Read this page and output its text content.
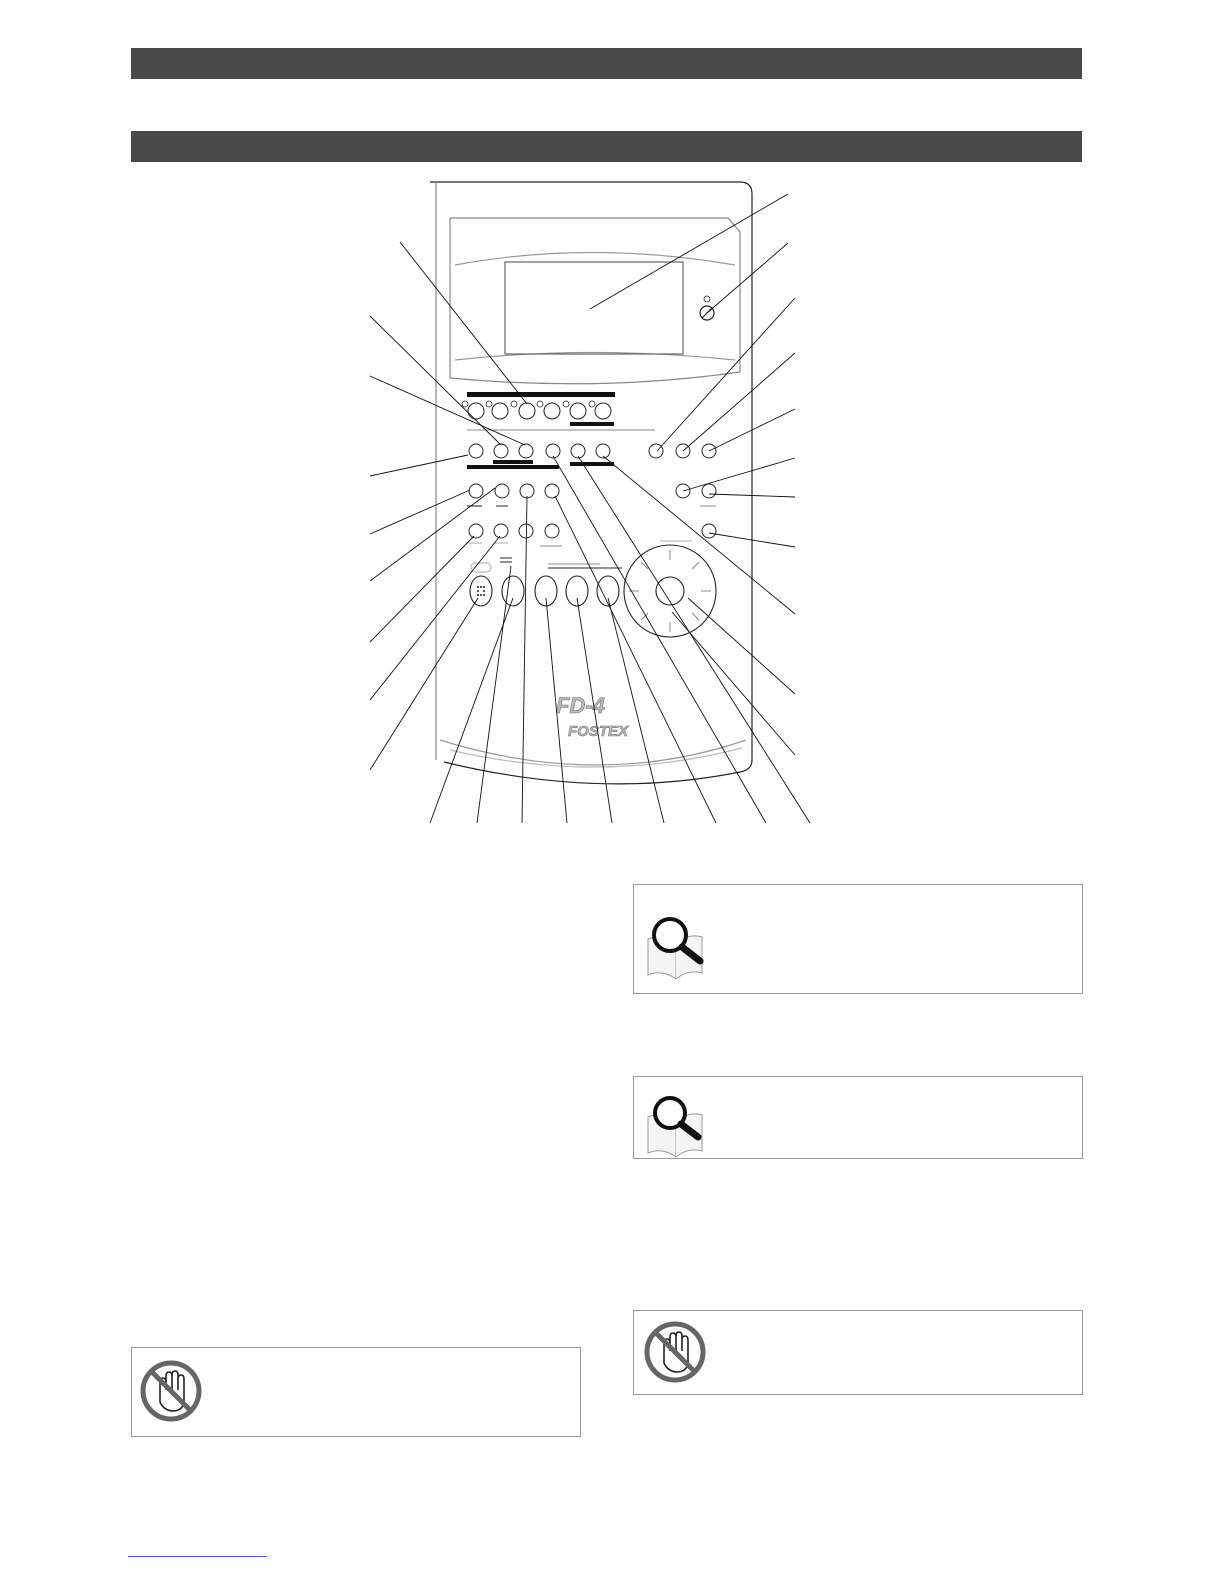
FD-4
FOSTEX
